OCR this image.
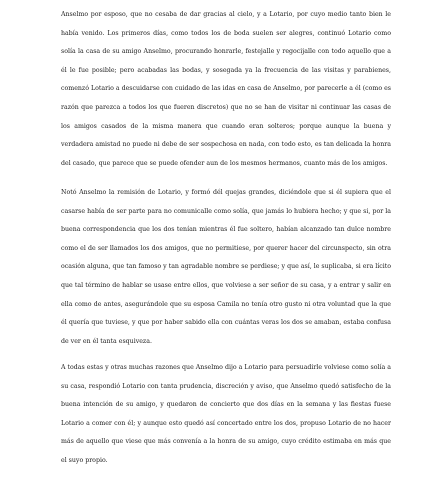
Anselmo por esposo, que no cesaba de dar gracias al cielo, y a Lotario, por cuyo medio tanto bien le había venido. Los primeros días, como todos los de boda suelen ser alegres, continuó Lotario como solía la casa de su amigo Anselmo, procurando honrarle, festejalle y regocijalle con todo aquello que a él le fue posible; pero acabadas las bodas, y sosegada ya la frecuencia de las visitas y parabienes, comenzó Lotario a descuidarse con cuidado de las idas en casa de Anselmo, por parecerle a él (como es razón que parezca a todos los que fueren discretos) que no se han de visitar ni continuar las casas de los amigos casados de la misma manera que cuando eran solteros; porque aunque la buena y verdadera amistad no puede ni debe de ser sospechosa en nada, con todo esto, es tan delicada la honra del casado, que parece que se puede ofender aun de los mesmos hermanos, cuanto más de los amigos.

Notó Anselmo la remisión de Lotario, y formó dél quejas grandes, diciéndole que si él supiera que el casarse había de ser parte para no comunicalle como solía, que jamás lo hubiera hecho; y que si, por la buena correspondencia que los dos tenían mientras él fue soltero, habían alcanzado tan dulce nombre como el de ser llamados los dos amigos, que no permitiese, por querer hacer del circunspecto, sin otra ocasión alguna, que tan famoso y tan agradable nombre se perdiese; y que así, le suplicaba, si era lícito que tal término de hablar se usase entre ellos, que volviese a ser señor de su casa, y a entrar y salir en ella como de antes, asegurándole que su esposa Camila no tenía otro gusto ni otra voluntad que la que él quería que tuviese, y que por haber sabido ella con cuántas veras los dos se amaban, estaba confusa de ver en él tanta esquiveza.

A todas estas y otras muchas razones que Anselmo dijo a Lotario para persuadirle volviese como solía a su casa, respondió Lotario con tanta prudencia, discreción y aviso, que Anselmo quedó satisfecho de la buena intención de su amigo, y quedaron de concierto que dos días en la semana y las fiestas fuese Lotario a comer con él; y aunque esto quedó así concertado entre los dos, propuso Lotario de no hacer más de aquello que viese que más convenía a la honra de su amigo, cuyo crédito estimaba en más que el suyo propio.
